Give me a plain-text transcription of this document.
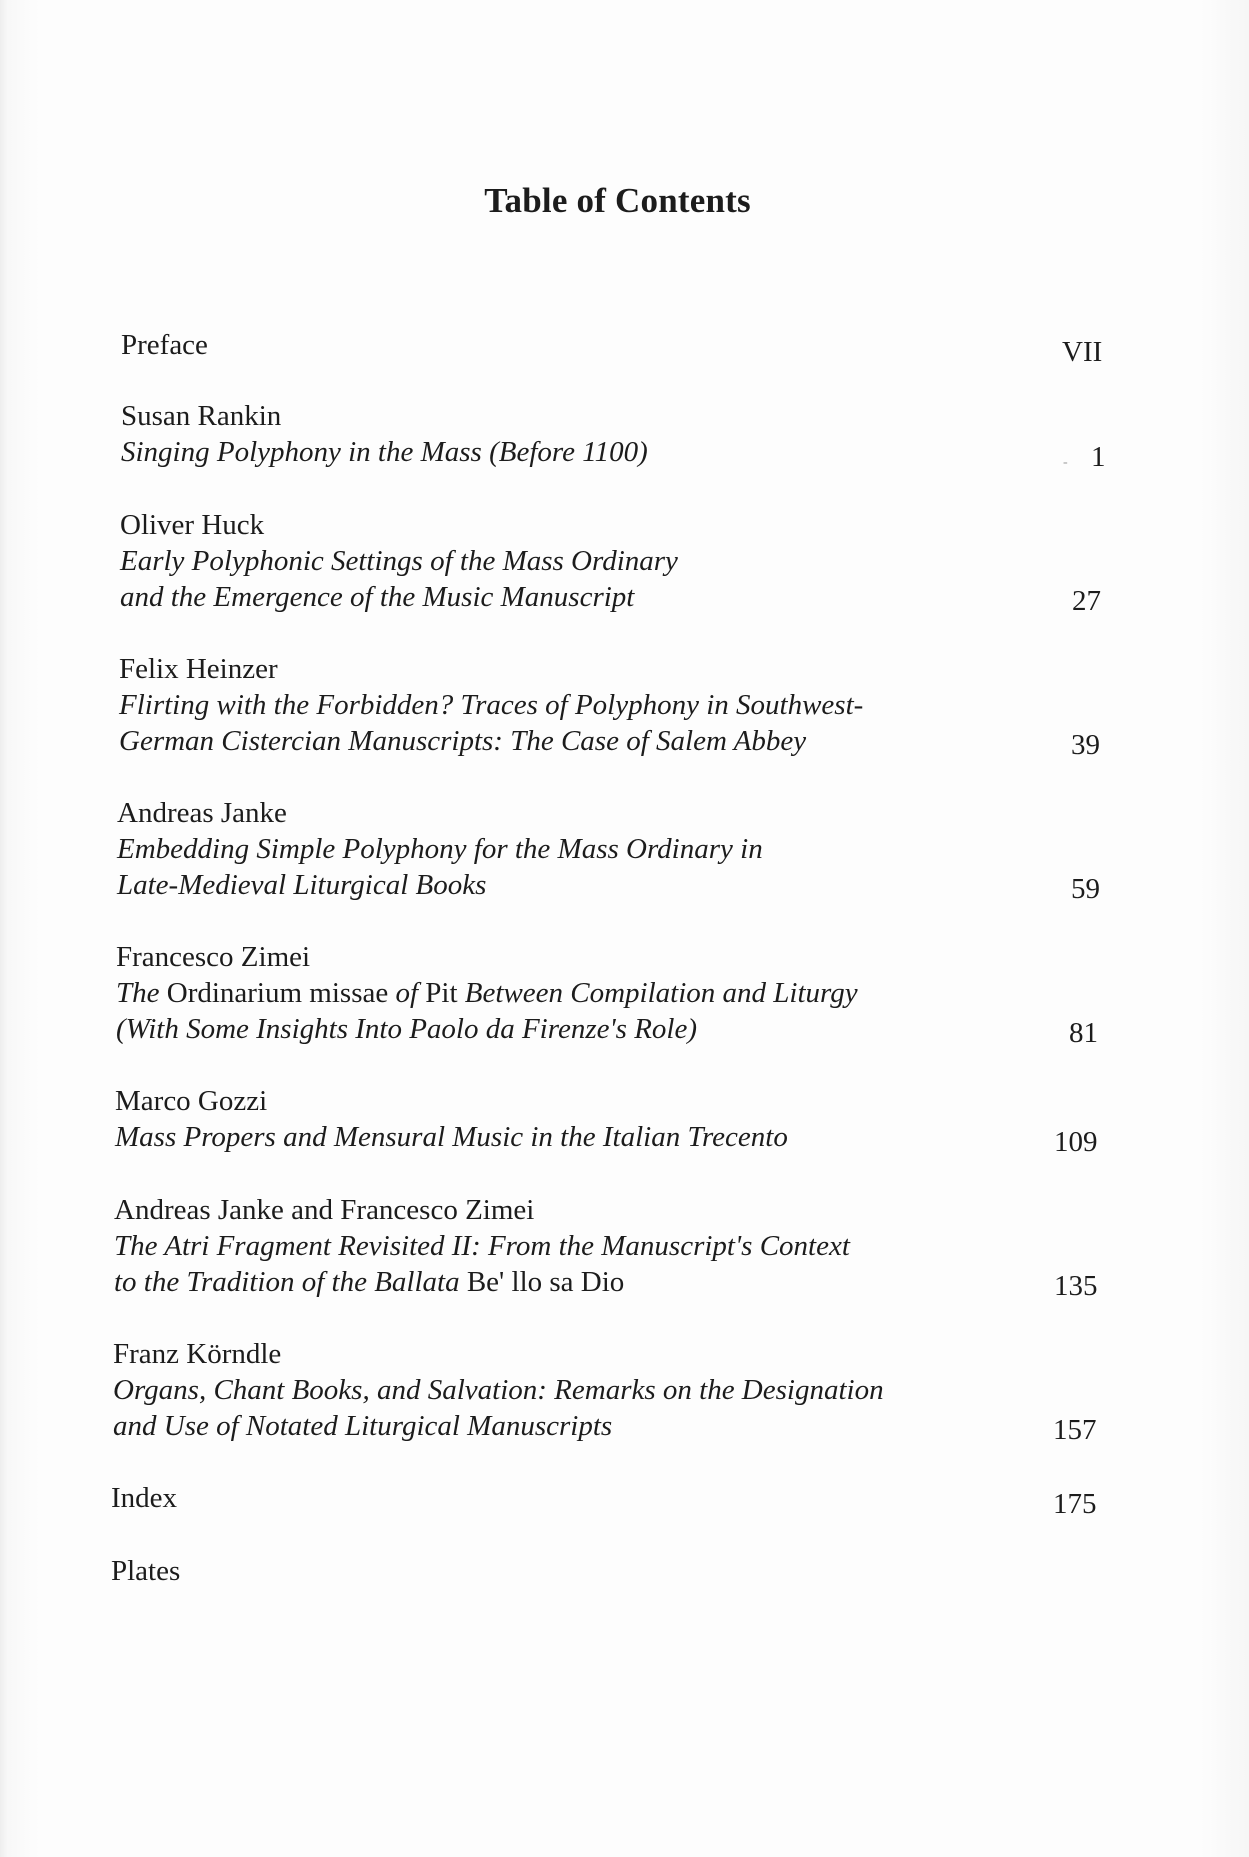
Table of Contents
Preface	VII
Susan Rankin
Singing Polyphony in the Mass (Before 1100)	- 1
Oliver Huck
Early Polyphonic Settings of the Mass Ordinary
and the Emergence of the Music Manuscript	27
Felix Heinzer
Flirting with the Forbidden? Traces of Polyphony in Southwest-
German Cistercian Manuscripts: The Case of Salem Abbey	39
Andreas Janke
Embedding Simple Polyphony for the Mass Ordinary in
Late-Medieval Liturgical Books	59
Francesco Zimei
The Ordinarium missae of Pit Between Compilation and Liturgy
(With Some Insights Into Paolo da Firenze's Role)	81
Marco Gozzi
Mass Propers and Mensural Music in the Italian Trecento	109
Andreas Janke and Francesco Zimei
The Atri Fragment Revisited II: From the Manuscript's Context
to the Tradition of the Ballata Be' llo sa Dio	135
Franz Körndle
Organs, Chant Books, and Salvation: Remarks on the Designation
and Use of Notated Liturgical Manuscripts	157
Index	175
Plates
